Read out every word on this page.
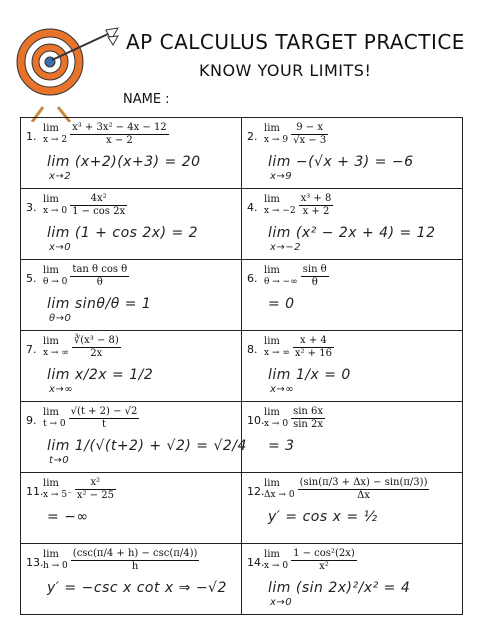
AP CALCULUS TARGET PRACTICE
KNOW YOUR LIMITS!
NAME :
1.
lim
$x \to 2 \frac{\text{x³ + 3x² − 4x − 12}}{x - 2}$
lim (x+2)(x+3) = 20
x→2
2.
lim
$x \to 9 \frac{9 - x}{√x - 3}$
lim −(√x + 3) = −6
x→9
3.
lim
$x \to 0 \frac{\text{4x²}}{1 - \cos 2x}$
lim (1 + cos 2x) = 2
x→0
4.
lim
$x \to -2 \frac{\text{x³ + 8}}{x + 2}$
lim (x² − 2x + 4) = 12
x→−2
5.
lim
$\theta \to 0 \frac{\text{tan θ cos θ}}{\theta}$
lim sinθ/θ = 1
θ→0
6.
lim
θ → −∞ $\frac{\text{sin θ}}{\theta}$
= 0
7.
lim
x → ∞ $\frac{\text{∛(x³ − 8)}}{2x}$
lim x/2x = 1/2
x→∞
8.
lim
x → ∞ $\frac{x + 4}{\text{x² + 16}}$
lim 1/x = 0
x→∞
9.
lim
$t \to 0 \frac{√(t + 2) - √2}{t}$
lim 1/(√(t+2) + √2) = √2/4
t→0
10.
lim
$x \to 0 \frac{\sin 6x}{\sin 2x}$
= 3
11.
lim
$x \to 5^- \frac{\text{x²}}{\text{x² − 25}}$
= −∞
12.
lim
$\Delta x \to 0 \frac{(\sin(\pi/3 + \Delta x) - \sin(\pi/3))}{\Delta x}$
y′ = cos x = ½
13.
lim
$h \to 0 \frac{(\csc(\pi/4 + h) - \csc(\pi/4))}{h}$
y′ = −csc x cot x ⇒ −√2
14.
lim
$x \to 0 \frac{\text{1 − cos²(2x)}}{\text{x²}}$
lim (sin 2x)²/x² = 4
x→0
